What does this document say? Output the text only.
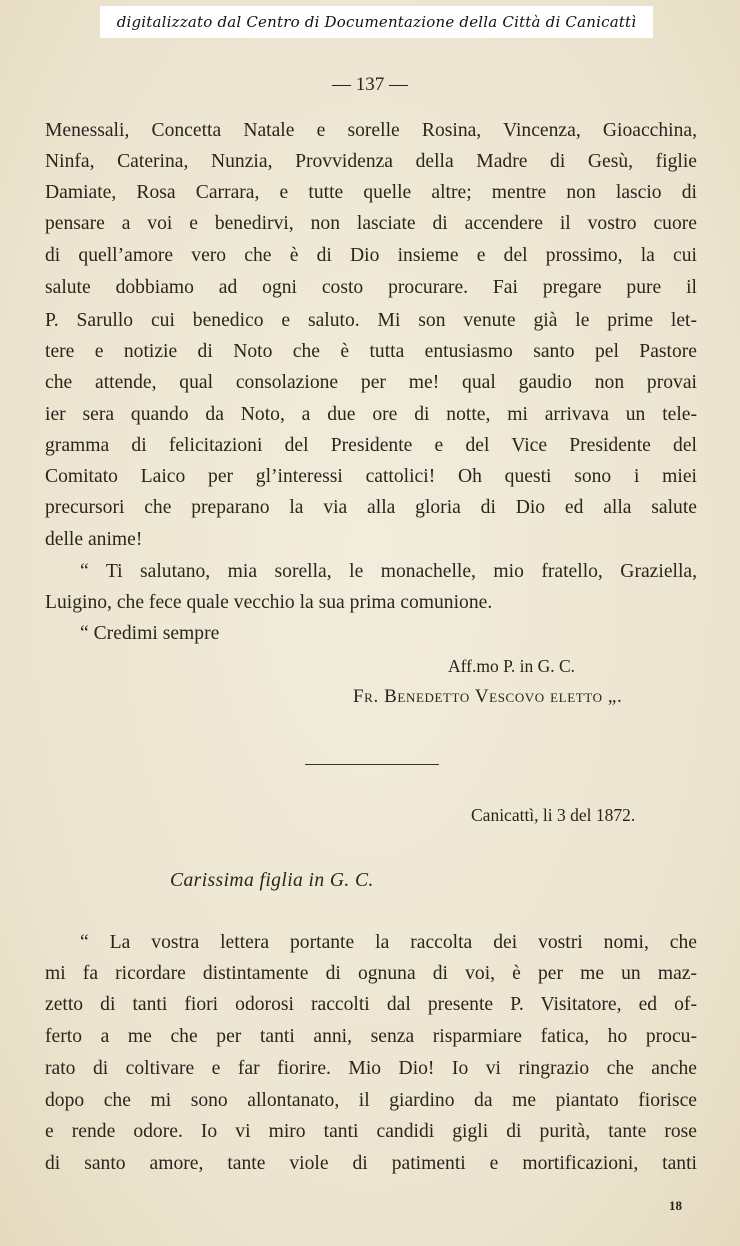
digitalizzato dal Centro di Documentazione della Città di Canicattì
— 137 —
Menessali, Concetta Natale e sorelle Rosina, Vincenza, Gioacchina,
Ninfa, Caterina, Nunzia, Provvidenza della Madre di Gesù, figlie
Damiate, Rosa Carrara, e tutte quelle altre; mentre non lascio di
pensare a voi e benedirvi, non lasciate di accendere il vostro cuore
di quell’amore vero che è di Dio insieme e del prossimo, la cui
salute dobbiamo ad ogni costo procurare. Fai pregare pure il
P. Sarullo cui benedico e saluto. Mi son venute già le prime let-
tere e notizie di Noto che è tutta entusiasmo santo pel Pastore
che attende, qual consolazione per me! qual gaudio non provai
ier sera quando da Noto, a due ore di notte, mi arrivava un tele-
gramma di felicitazioni del Presidente e del Vice Presidente del
Comitato Laico per gl’interessi cattolici! Oh questi sono i miei
precursori che preparano la via alla gloria di Dio ed alla salute
delle anime!
“ Ti salutano, mia sorella, le monachelle, mio fratello, Graziella,
Luigino, che fece quale vecchio la sua prima comunione.
“ Credimi sempre
Aff.mo P. in G. C.
Fr. Benedetto Vescovo eletto „.
Canicattì, li 3 del 1872.
Carissima figlia in G. C.
“ La vostra lettera portante la raccolta dei vostri nomi, che
mi fa ricordare distintamente di ognuna di voi, è per me un maz-
zetto di tanti fiori odorosi raccolti dal presente P. Visitatore, ed of-
ferto a me che per tanti anni, senza risparmiare fatica, ho procu-
rato di coltivare e far fiorire. Mio Dio! Io vi ringrazio che anche
dopo che mi sono allontanato, il giardino da me piantato fiorisce
e rende odore. Io vi miro tanti candidi gigli di purità, tante rose
di santo amore, tante viole di patimenti e mortificazioni, tanti
18
